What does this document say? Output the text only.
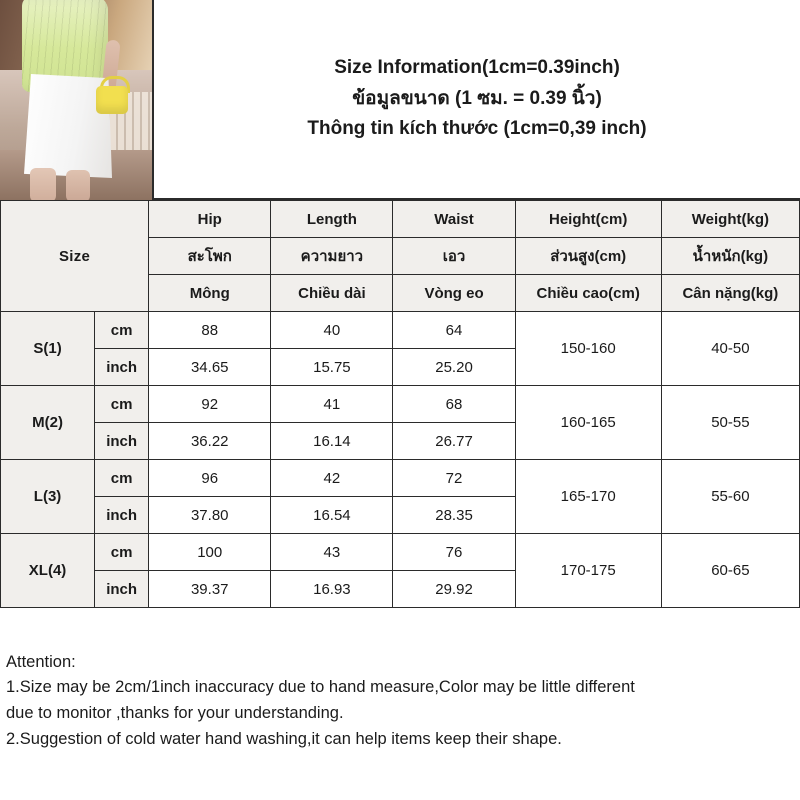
Size Information(1cm=0.39inch)
ข้อมูลขนาด (1 ซม. = 0.39 นิ้ว)
Thông tin kích thước (1cm=0,39 inch)
Size		Hip	Length	Waist	Height(cm)	Weight(kg)
		สะโพก	ความยาว	เอว	ส่วนสูง(cm)	น้ำหนัก(kg)
		Mông	Chiều dài	Vòng eo	Chiều cao(cm)	Cân nặng(kg)
S(1)	cm	88	40	64	150-160	40-50
	inch	34.65	15.75	25.20		
M(2)	cm	92	41	68	160-165	50-55
	inch	36.22	16.14	26.77		
L(3)	cm	96	42	72	165-170	55-60
	inch	37.80	16.54	28.35		
XL(4)	cm	100	43	76	170-175	60-65
	inch	39.37	16.93	29.92		

Attention:

1.Size may be 2cm/1inch inaccuracy due to hand measure,Color may be little different

due to monitor ,thanks for your understanding.

2.Suggestion of cold water hand washing,it can help items keep their shape.
